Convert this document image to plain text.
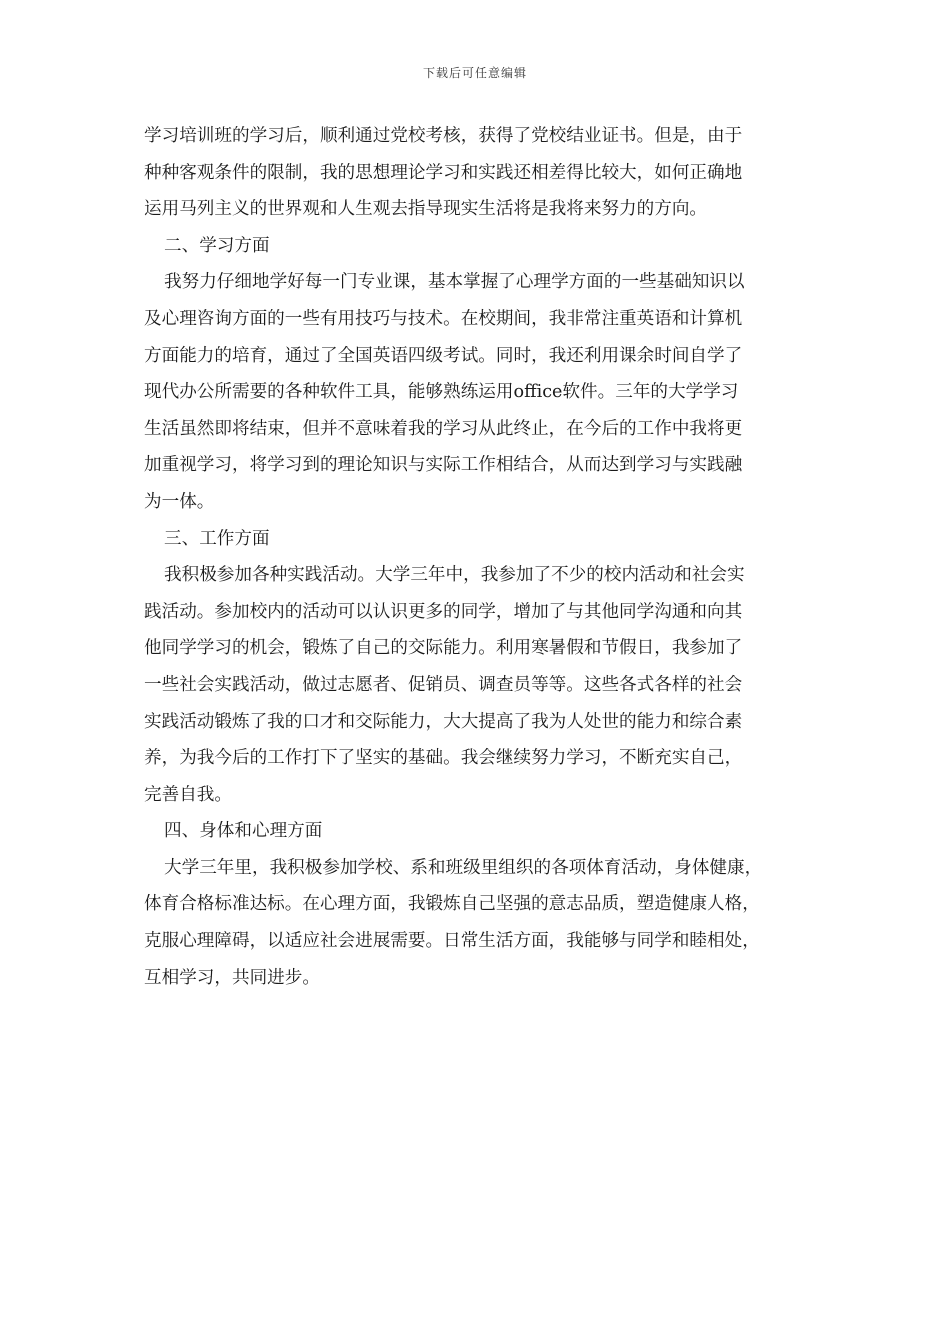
下载后可任意编辑
学习培训班的学习后，顺利通过党校考核，获得了党校结业证书。但是，由于
种种客观条件的限制，我的思想理论学习和实践还相差得比较大，如何正确地
运用马列主义的世界观和人生观去指导现实生活将是我将来努力的方向。
二、学习方面
我努力仔细地学好每一门专业课，基本掌握了心理学方面的一些基础知识以
及心理咨询方面的一些有用技巧与技术。在校期间，我非常注重英语和计算机
方面能力的培育，通过了全国英语四级考试。同时，我还利用课余时间自学了
现代办公所需要的各种软件工具，能够熟练运用office软件。三年的大学学习
生活虽然即将结束，但并不意味着我的学习从此终止，在今后的工作中我将更
加重视学习，将学习到的理论知识与实际工作相结合，从而达到学习与实践融
为一体。
三、工作方面
我积极参加各种实践活动。大学三年中，我参加了不少的校内活动和社会实
践活动。参加校内的活动可以认识更多的同学，增加了与其他同学沟通和向其
他同学学习的机会，锻炼了自己的交际能力。利用寒暑假和节假日，我参加了
一些社会实践活动，做过志愿者、促销员、调查员等等。这些各式各样的社会
实践活动锻炼了我的口才和交际能力，大大提高了我为人处世的能力和综合素
养，为我今后的工作打下了坚实的基础。我会继续努力学习，不断充实自己，
完善自我。
四、身体和心理方面
大学三年里，我积极参加学校、系和班级里组织的各项体育活动，身体健康，
体育合格标准达标。在心理方面，我锻炼自己坚强的意志品质，塑造健康人格，
克服心理障碍，以适应社会进展需要。日常生活方面，我能够与同学和睦相处，
互相学习，共同进步。
